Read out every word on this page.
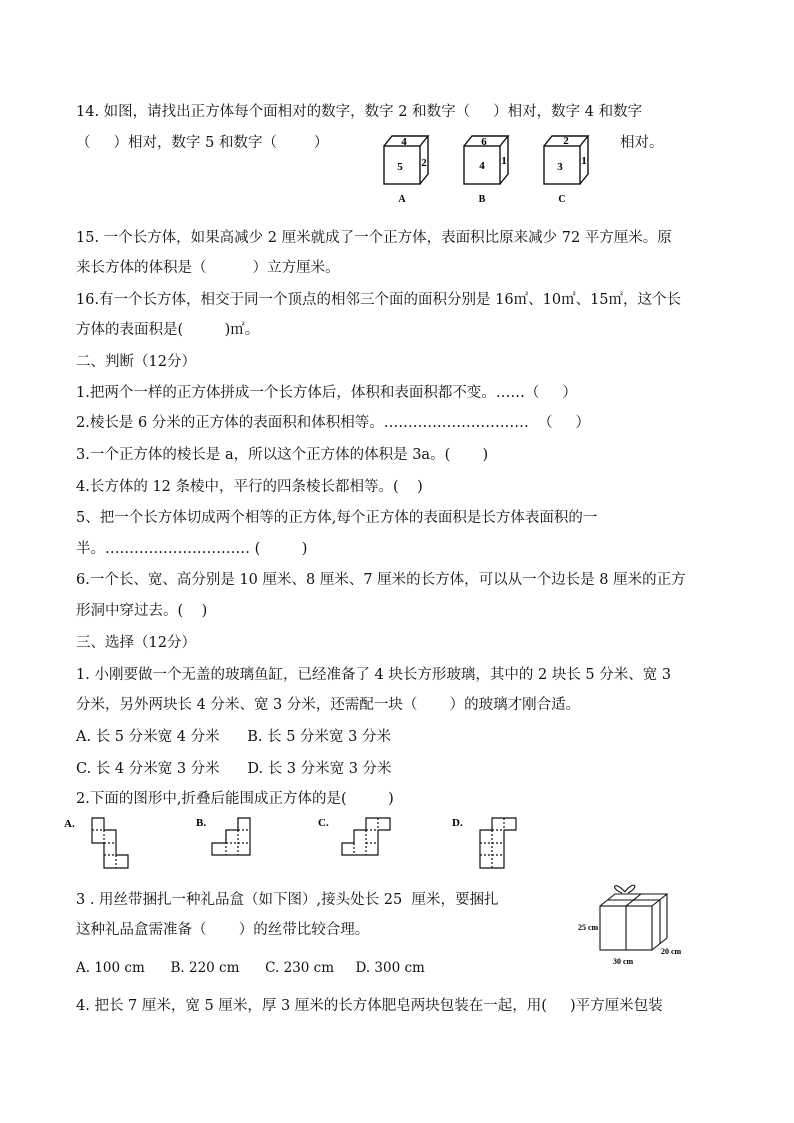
14. 如图，请找出正方体每个面相对的数字，数字 2 和数字（     ）相对，数字 4 和数字
（     ）相对，数字 5 和数字（        ）	相对。
4
5 2
A
6
4 1
B
2
3 1
C
15. 一个长方体，如果高减少 2 厘米就成了一个正方体，表面积比原来减少 72 平方厘米。原
来长方体的体积是（          ）立方厘米。
16.有一个长方体，相交于同一个顶点的相邻三个面的面积分别是 16㎡、10㎡、15㎡，这个长
方体的表面积是(         )㎡。
二、判断（12分）
1.把两个一样的正方体拼成一个长方体后，体积和表面积都不变。……（     ）
2.棱长是 6 分米的正方体的表面积和体积相等。…………………………  （     ）
3.一个正方体的棱长是 a，所以这个正方体的体积是 3a。(       )
4.长方体的 12 条棱中，平行的四条棱长都相等。(    )
5、把一个长方体切成两个相等的正方体,每个正方体的表面积是长方体表面积的一
半。………………………… (         )
6.一个长、宽、高分别是 10 厘米、8 厘米、7 厘米的长方体，可以从一个边长是 8 厘米的正方
形洞中穿过去。(    )
三、选择（12分）
1. 小刚要做一个无盖的玻璃鱼缸，已经准备了 4 块长方形玻璃，其中的 2 块长 5 分米、宽 3
分米，另外两块长 4 分米、宽 3 分米，还需配一块（       ）的玻璃才刚合适。
A. 长 5 分米宽 4 分米      B. 长 5 分米宽 3 分米
C. 长 4 分米宽 3 分米      D. 长 3 分米宽 3 分米
2.下面的图形中,折叠后能围成正方体的是(         )
A.	B.	C.	D.
3 . 用丝带捆扎一种礼品盒（如下图）,接头处长 25  厘米，要捆扎
这种礼品盒需准备（       ）的丝带比较合理。
A. 100 cm      B. 220 cm      C. 230 cm     D. 300 cm
25 cm
30 cm
20 cm
4. 把长 7 厘米，宽 5 厘米，厚 3 厘米的长方体肥皂两块包装在一起，用(     )平方厘米包装
